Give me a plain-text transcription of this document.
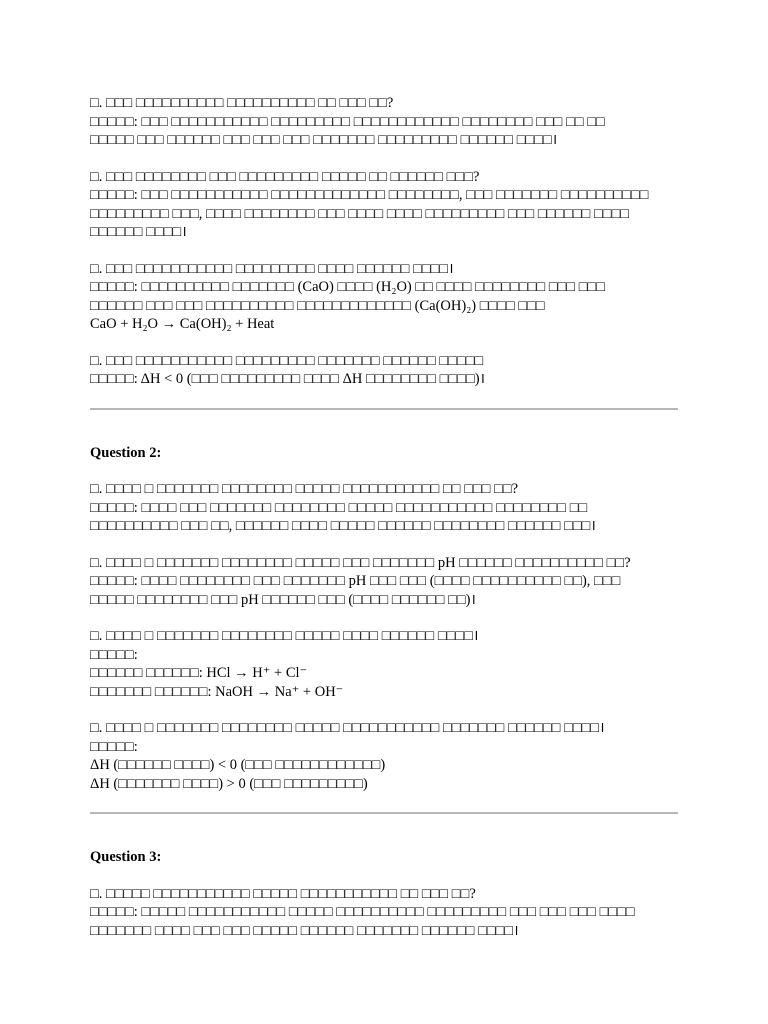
□. □□□ □□□□□□□□□□ □□□□□□□□□□ □□ □□□ □□?
□□□□□: □□□ □□□□□□□□□□□ □□□□□□□□□ □□□□□□□□□□□□ □□□□□□□□ □□□ □□ □□
□□□□□ □□□ □□□□□□ □□□ □□□ □□□ □□□□□□□ □□□□□□□□□ □□□□□□ □□□□।
□. □□□ □□□□□□□□ □□□ □□□□□□□□□ □□□□□ □□ □□□□□□ □□□?
□□□□□: □□□ □□□□□□□□□□□ □□□□□□□□□□□□□ □□□□□□□□, □□□ □□□□□□□ □□□□□□□□□□
□□□□□□□□□ □□□, □□□□ □□□□□□□□ □□□ □□□□ □□□□ □□□□□□□□□ □□□ □□□□□□ □□□□
□□□□□□ □□□□।
□. □□□ □□□□□□□□□□□ □□□□□□□□□ □□□□ □□□□□□ □□□□।
□□□□□: □□□□□□□□□□ □□□□□□□ (CaO) □□□□ (H₂O) □□ □□□□ □□□□□□□□ □□□ □□□
□□□□□□ □□□ □□□ □□□□□□□□□□ □□□□□□□□□□□□□ (Ca(OH)₂) □□□□ □□□
CaO + H₂O → Ca(OH)₂ + Heat
□. □□□ □□□□□□□□□□□ □□□□□□□□□ □□□□□□□ □□□□□□ □□□□□
□□□□□: ΔH < 0 (□□□ □□□□□□□□□ □□□□ ΔH □□□□□□□□ □□□□)।

Question 2:

□. □□□□ □ □□□□□□□ □□□□□□□□ □□□□□ □□□□□□□□□□□ □□ □□□ □□?
□□□□□: □□□□ □□□ □□□□□□□ □□□□□□□□ □□□□□ □□□□□□□□□□□ □□□□□□□□ □□
□□□□□□□□□□ □□□ □□, □□□□□□ □□□□ □□□□□ □□□□□□ □□□□□□□□ □□□□□□ □□□।
□. □□□□ □ □□□□□□□ □□□□□□□□ □□□□□ □□□ □□□□□□□ pH □□□□□□ □□□□□□□□□□ □□?
□□□□□: □□□□ □□□□□□□□ □□□ □□□□□□□ pH □□□ □□□ (□□□□ □□□□□□□□□□ □□), □□□
□□□□□ □□□□□□□□ □□□ pH □□□□□□ □□□ (□□□□ □□□□□□ □□)।
□. □□□□ □ □□□□□□□ □□□□□□□□ □□□□□ □□□□ □□□□□□ □□□□।
□□□□□:
□□□□□□ □□□□□□: HCl → H⁺ + Cl⁻
□□□□□□□ □□□□□□: NaOH → Na⁺ + OH⁻
□. □□□□ □ □□□□□□□ □□□□□□□□ □□□□□ □□□□□□□□□□□ □□□□□□□ □□□□□□ □□□□।
□□□□□:
ΔH (□□□□□□ □□□□) < 0 (□□□ □□□□□□□□□□□□)
ΔH (□□□□□□□ □□□□) > 0 (□□□ □□□□□□□□□)

Question 3:

□. □□□□□ □□□□□□□□□□□ □□□□□ □□□□□□□□□□□ □□ □□□ □□?
□□□□□: □□□□□ □□□□□□□□□□□ □□□□□ □□□□□□□□□□ □□□□□□□□□ □□□ □□□ □□□ □□□□
□□□□□□□ □□□□ □□□ □□□ □□□□□ □□□□□□ □□□□□□□ □□□□□□ □□□□।
